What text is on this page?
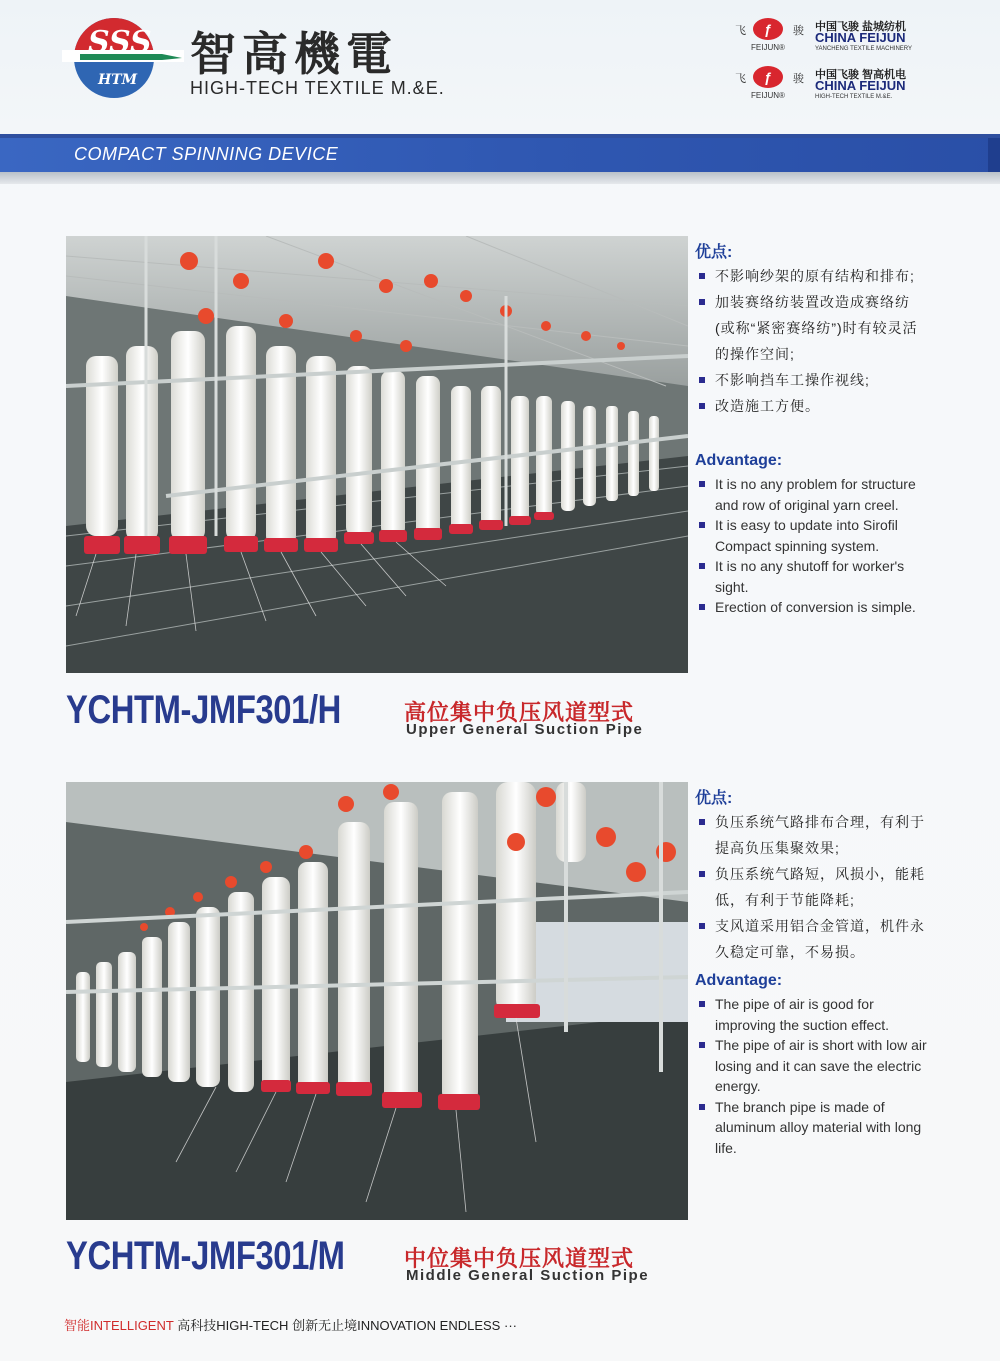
SSS
HTM 智高機電
HIGH-TECH TEXTILE M.&E.
飞	ƒ	骏
FEIJUN®
中国飞骏 盐城纺机
CHINA FEIJUN
YANCHENG TEXTILE MACHINERY
飞	ƒ	骏
FEIJUN®
中国飞骏 智高机电
CHINA FEIJUN
HIGH-TECH TEXTILE M.&E.
COMPACT SPINNING DEVICE
优点:
不影响纱架的原有结构和排布;
加装赛络纺装置改造成赛络纺(或称“紧密赛络纺”)时有较灵活的操作空间;
不影响挡车工操作视线;
改造施工方便。
Advantage:
It is no any problem for structure and row of original yarn creel.
It is easy to update into Sirofil Compact spinning system.
It is no any shutoff for worker's sight.
Erection of conversion is simple.
YCHTM-JMF301/H	高位集中负压风道型式
Upper General Suction Pipe
优点:
负压系统气路排布合理，有利于提高负压集聚效果;
负压系统气路短，风损小，能耗低，有利于节能降耗;
支风道采用铝合金管道，机件永久稳定可靠，不易损。
Advantage:
The pipe of air is good for improving the suction effect.
The pipe of air is short with low air losing and it can save the electric energy.
The branch pipe is made of aluminum alloy material with long life.
YCHTM-JMF301/M	中位集中负压风道型式
Middle General Suction Pipe
智能INTELLIGENT 高科技HIGH-TECH 创新无止境INNOVATION ENDLESS ···
